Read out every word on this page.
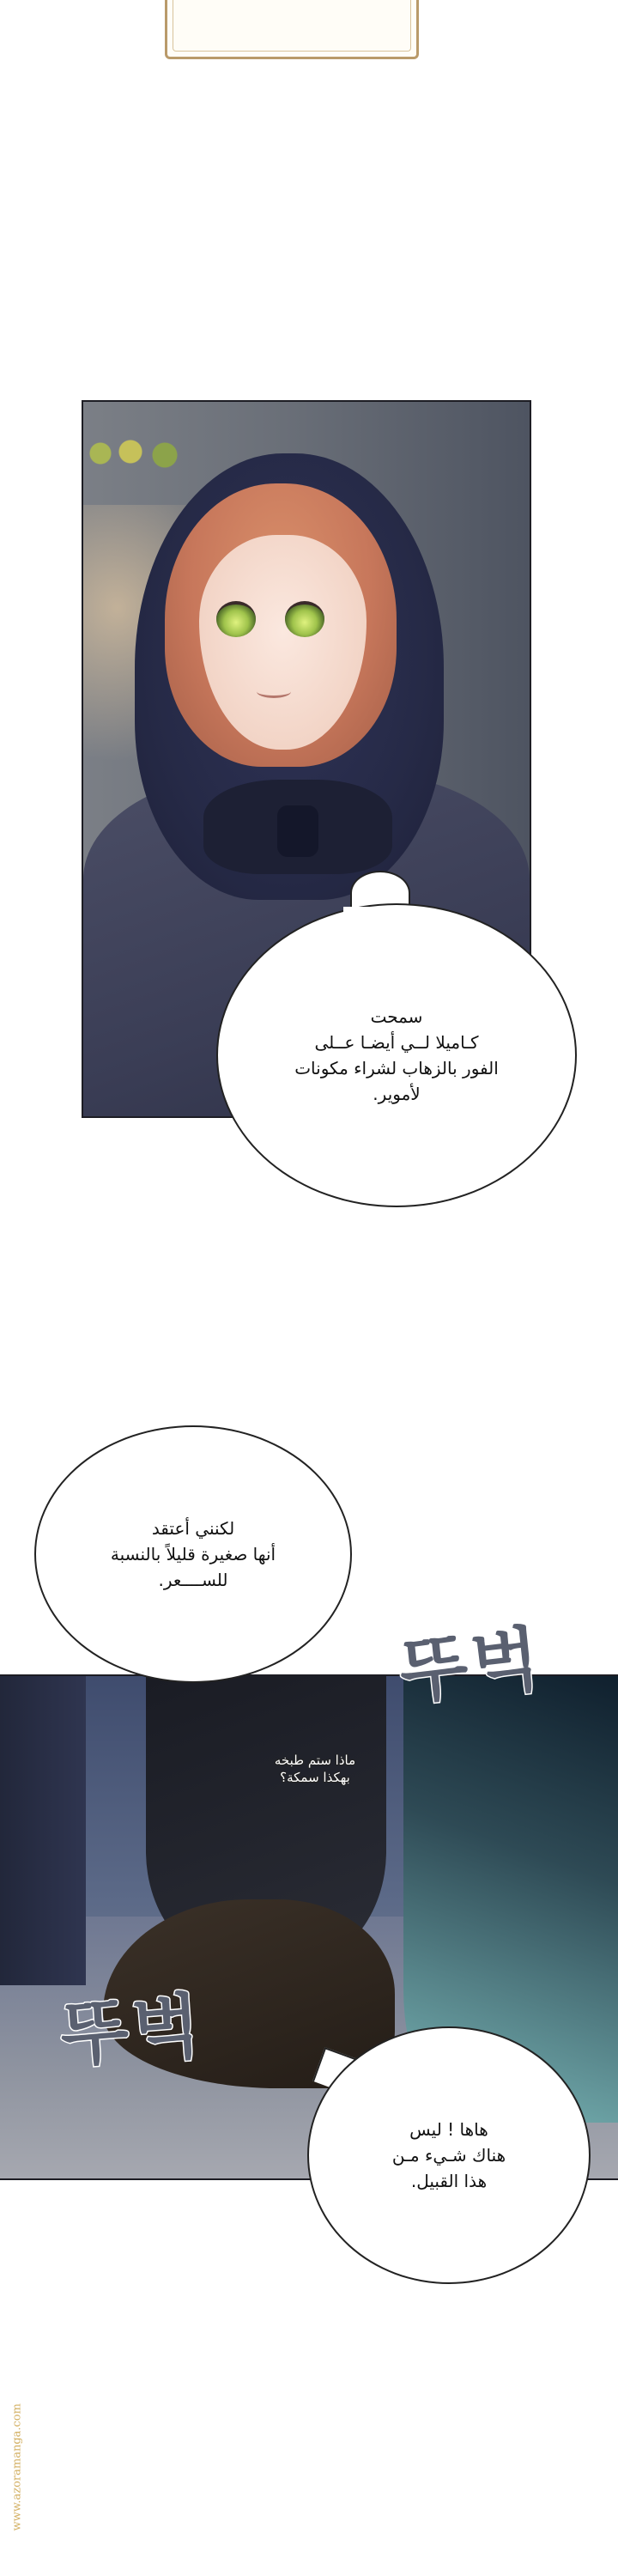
سمحت
كـاميلا لــي أيضـا عــلى
الفور بالزهاب لشراء مكونات
لأموير.
لكنني أعتقد
أنها صغيرة قليلاً بالنسبة
للســــعر.
뚜벅
뚜벅
ماذا ستم طبخه
بهكذا سمكة؟
هاها ! ليس
هناك شـيء مـن
هذا القبيل.
www.azoramanga.com
